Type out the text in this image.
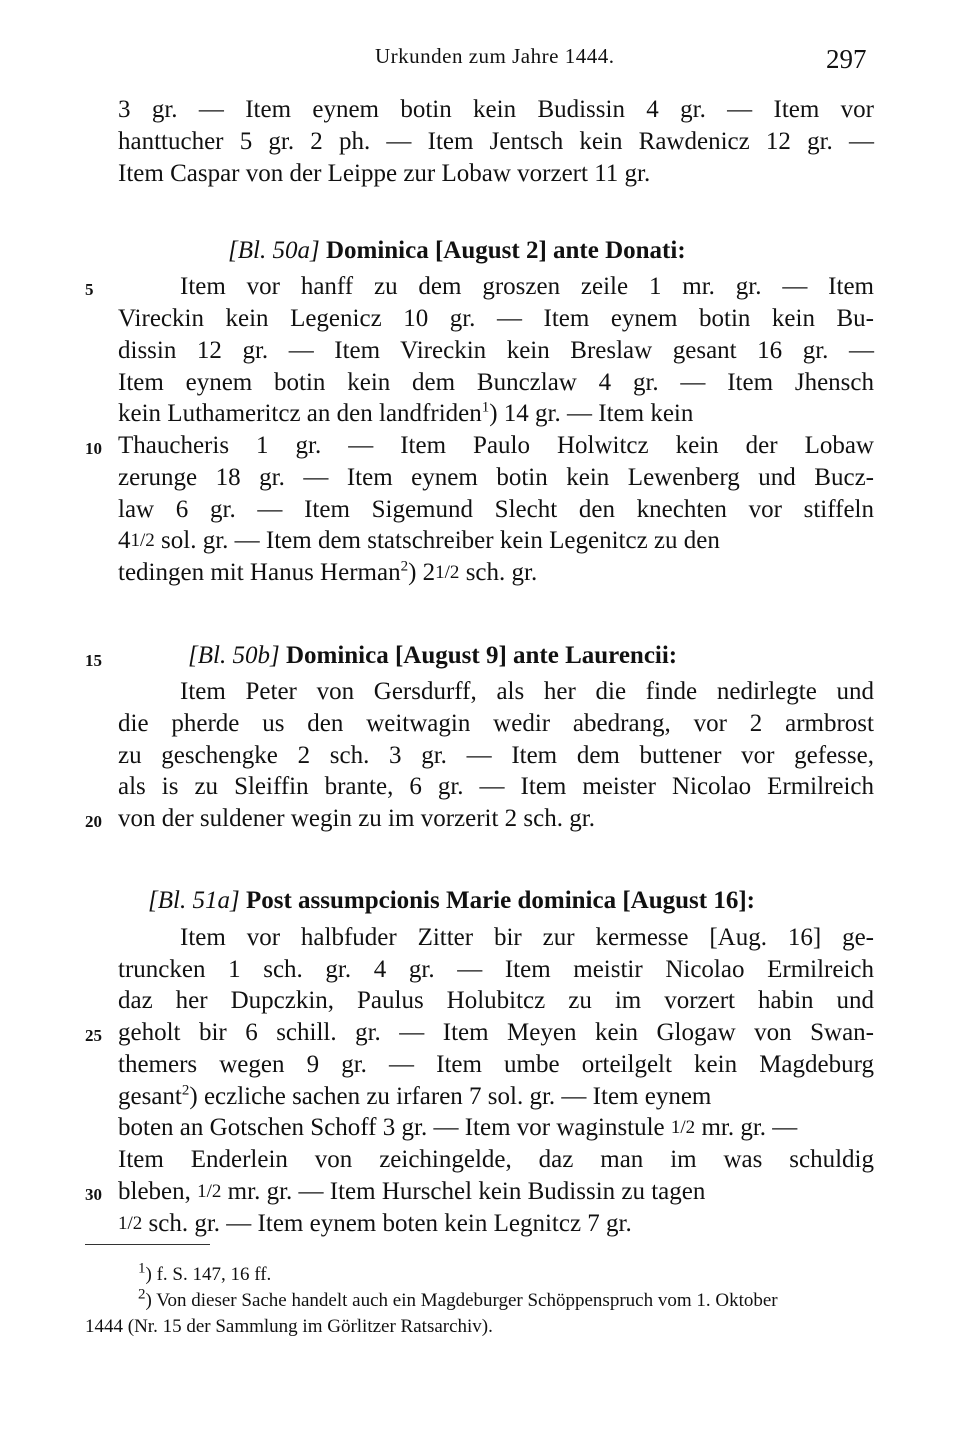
Urkunden zum Jahre 1444.	297
3 gr. — Item eynem botin kein Budissin 4 gr. — Item vor
hanttucher 5 gr. 2 ph. — Item Jentsch kein Rawdenicz 12 gr. —
Item Caspar von der Leippe zur Lobaw vorzert 11 gr.
[Bl. 50a] Dominica [August 2] ante Donati:
5	Item vor hanff zu dem groszen zeile 1 mr. gr. — Item
Vireckin kein Legenicz 10 gr. — Item eynem botin kein Bu-
dissin 12 gr. — Item Vireckin kein Breslaw gesant 16 gr. —
Item eynem botin kein dem Bunczlaw 4 gr. — Item Jhensch
kein Luthameritcz an den landfriden$^1$) 14 gr. — Item kein
10 Thaucheris 1 gr. — Item Paulo Holwitcz kein der Lobaw
zerunge 18 gr. — Item eynem botin kein Lewenberg und Bucz-
law 6 gr. — Item Sigemund Slecht den knechten vor stiffeln
41/2 sol. gr. — Item dem statschreiber kein Legenitcz zu den
tedingen mit Hanus Herman$^2$) 21/2 sch. gr.
15	[Bl. 50b] Dominica [August 9] ante Laurencii:
Item Peter von Gersdurff, als her die finde nedirlegte und
die pherde us den weitwagin wedir abedrang, vor 2 armbrost
zu geschengke 2 sch. 3 gr. — Item dem buttener vor gefesse,
als is zu Sleiffin brante, 6 gr. — Item meister Nicolao Ermilreich
20 von der suldener wegin zu im vorzerit 2 sch. gr.
[Bl. 51a] Post assumpcionis Marie dominica [August 16]:
Item vor halbfuder Zitter bir zur kermesse [Aug. 16] ge-
truncken 1 sch. gr. 4 gr. — Item meistir Nicolao Ermilreich
daz her Dupczkin, Paulus Holubitcz zu im vorzert habin und
25 geholt bir 6 schill. gr. — Item Meyen kein Glogaw von Swan-
themers wegen 9 gr. — Item umbe orteilgelt kein Magdeburg
gesant$^2$) eczliche sachen zu irfaren 7 sol. gr. — Item eynem
boten an Gotschen Schoff 3 gr. — Item vor waginstule 1/2 mr. gr. —
Item Enderlein von zeichingelde, daz man im was schuldig
30 bleben, 1/2 mr. gr. — Item Hurschel kein Budissin zu tagen
1/2 sch. gr. — Item eynem boten kein Legnitcz 7 gr.
$^1$) f. S. 147, 16 ff.
$^2$) Von dieser Sache handelt auch ein Magdeburger Schöppenspruch vom 1. Oktober
1444 (Nr. 15 der Sammlung im Görlitzer Ratsarchiv).
